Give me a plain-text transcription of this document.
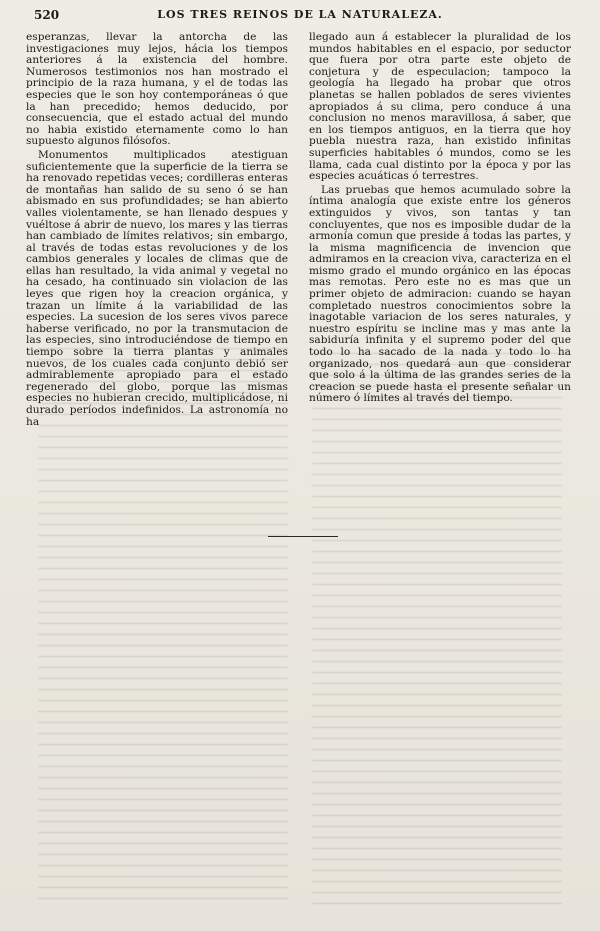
520	LOS TRES REINOS DE LA NATURALEZA.

esperanzas, llevar la antorcha de las investigaciones muy lejos, hácia los tiempos anteriores á la existencia del hombre. Numerosos testimonios nos han mostrado el principio de la raza humana, y el de todas las especies que le son hoy contemporáneas ó que la han precedido; hemos deducido, por consecuencia, que el estado actual del mundo no habia existido eternamente como lo han supuesto algunos filósofos.

Monumentos multiplicados atestiguan suficientemente que la superficie de la tierra se ha renovado repetidas veces; cordilleras enteras de montañas han salido de su seno ó se han abismado en sus profundidades; se han abierto valles violentamente, se han llenado despues y vuéltose á abrir de nuevo, los mares y las tierras han cambiado de límites relativos; sin embargo, al través de todas estas revoluciones y de los cambios generales y locales de climas que de ellas han resultado, la vida animal y vegetal no ha cesado, ha continuado sin violacion de las leyes que rigen hoy la creacion orgánica, y trazan un límite á la variabilidad de las especies. La sucesion de los seres vivos parece haberse verificado, no por la transmutacion de las especies, sino introduciéndose de tiempo en tiempo sobre la tierra plantas y animales nuevos, de los cuales cada conjunto debió ser admirablemente apropiado para el estado regenerado del globo, porque las mismas especies no hubieran crecido, multiplicádose, ni durado períodos indefinidos. La astronomía no ha

llegado aun á establecer la pluralidad de los mundos habitables en el espacio, por seductor que fuera por otra parte este objeto de conjetura y de especulacion; tampoco la geología ha llegado ha probar que otros planetas se hallen poblados de seres vivientes apropiados á su clima, pero conduce á una conclusion no menos maravillosa, á saber, que en los tiempos antiguos, en la tierra que hoy puebla nuestra raza, han existido infinitas superficies habitables ó mundos, como se les llama, cada cual distinto por la época y por las especies acuáticas ó terrestres.

Las pruebas que hemos acumulado sobre la íntima analogía que existe entre los géneros extinguidos y vivos, son tantas y tan concluyentes, que nos es imposible dudar de la armonía comun que preside á todas las partes, y la misma magnificencia de invencion que admiramos en la creacion viva, caracteriza en el mismo grado el mundo orgánico en las épocas mas remotas. Pero este no es mas que un primer objeto de admiracion: cuando se hayan completado nuestros conocimientos sobre la inagotable variacion de los seres naturales, y nuestro espíritu se incline mas y mas ante la sabiduría infinita y el supremo poder del que todo lo ha sacado de la nada y todo lo ha organizado, nos quedará aun que considerar que solo á la última de las grandes series de la creacion se puede hasta el presente señalar un número ó límites al través del tiempo.
